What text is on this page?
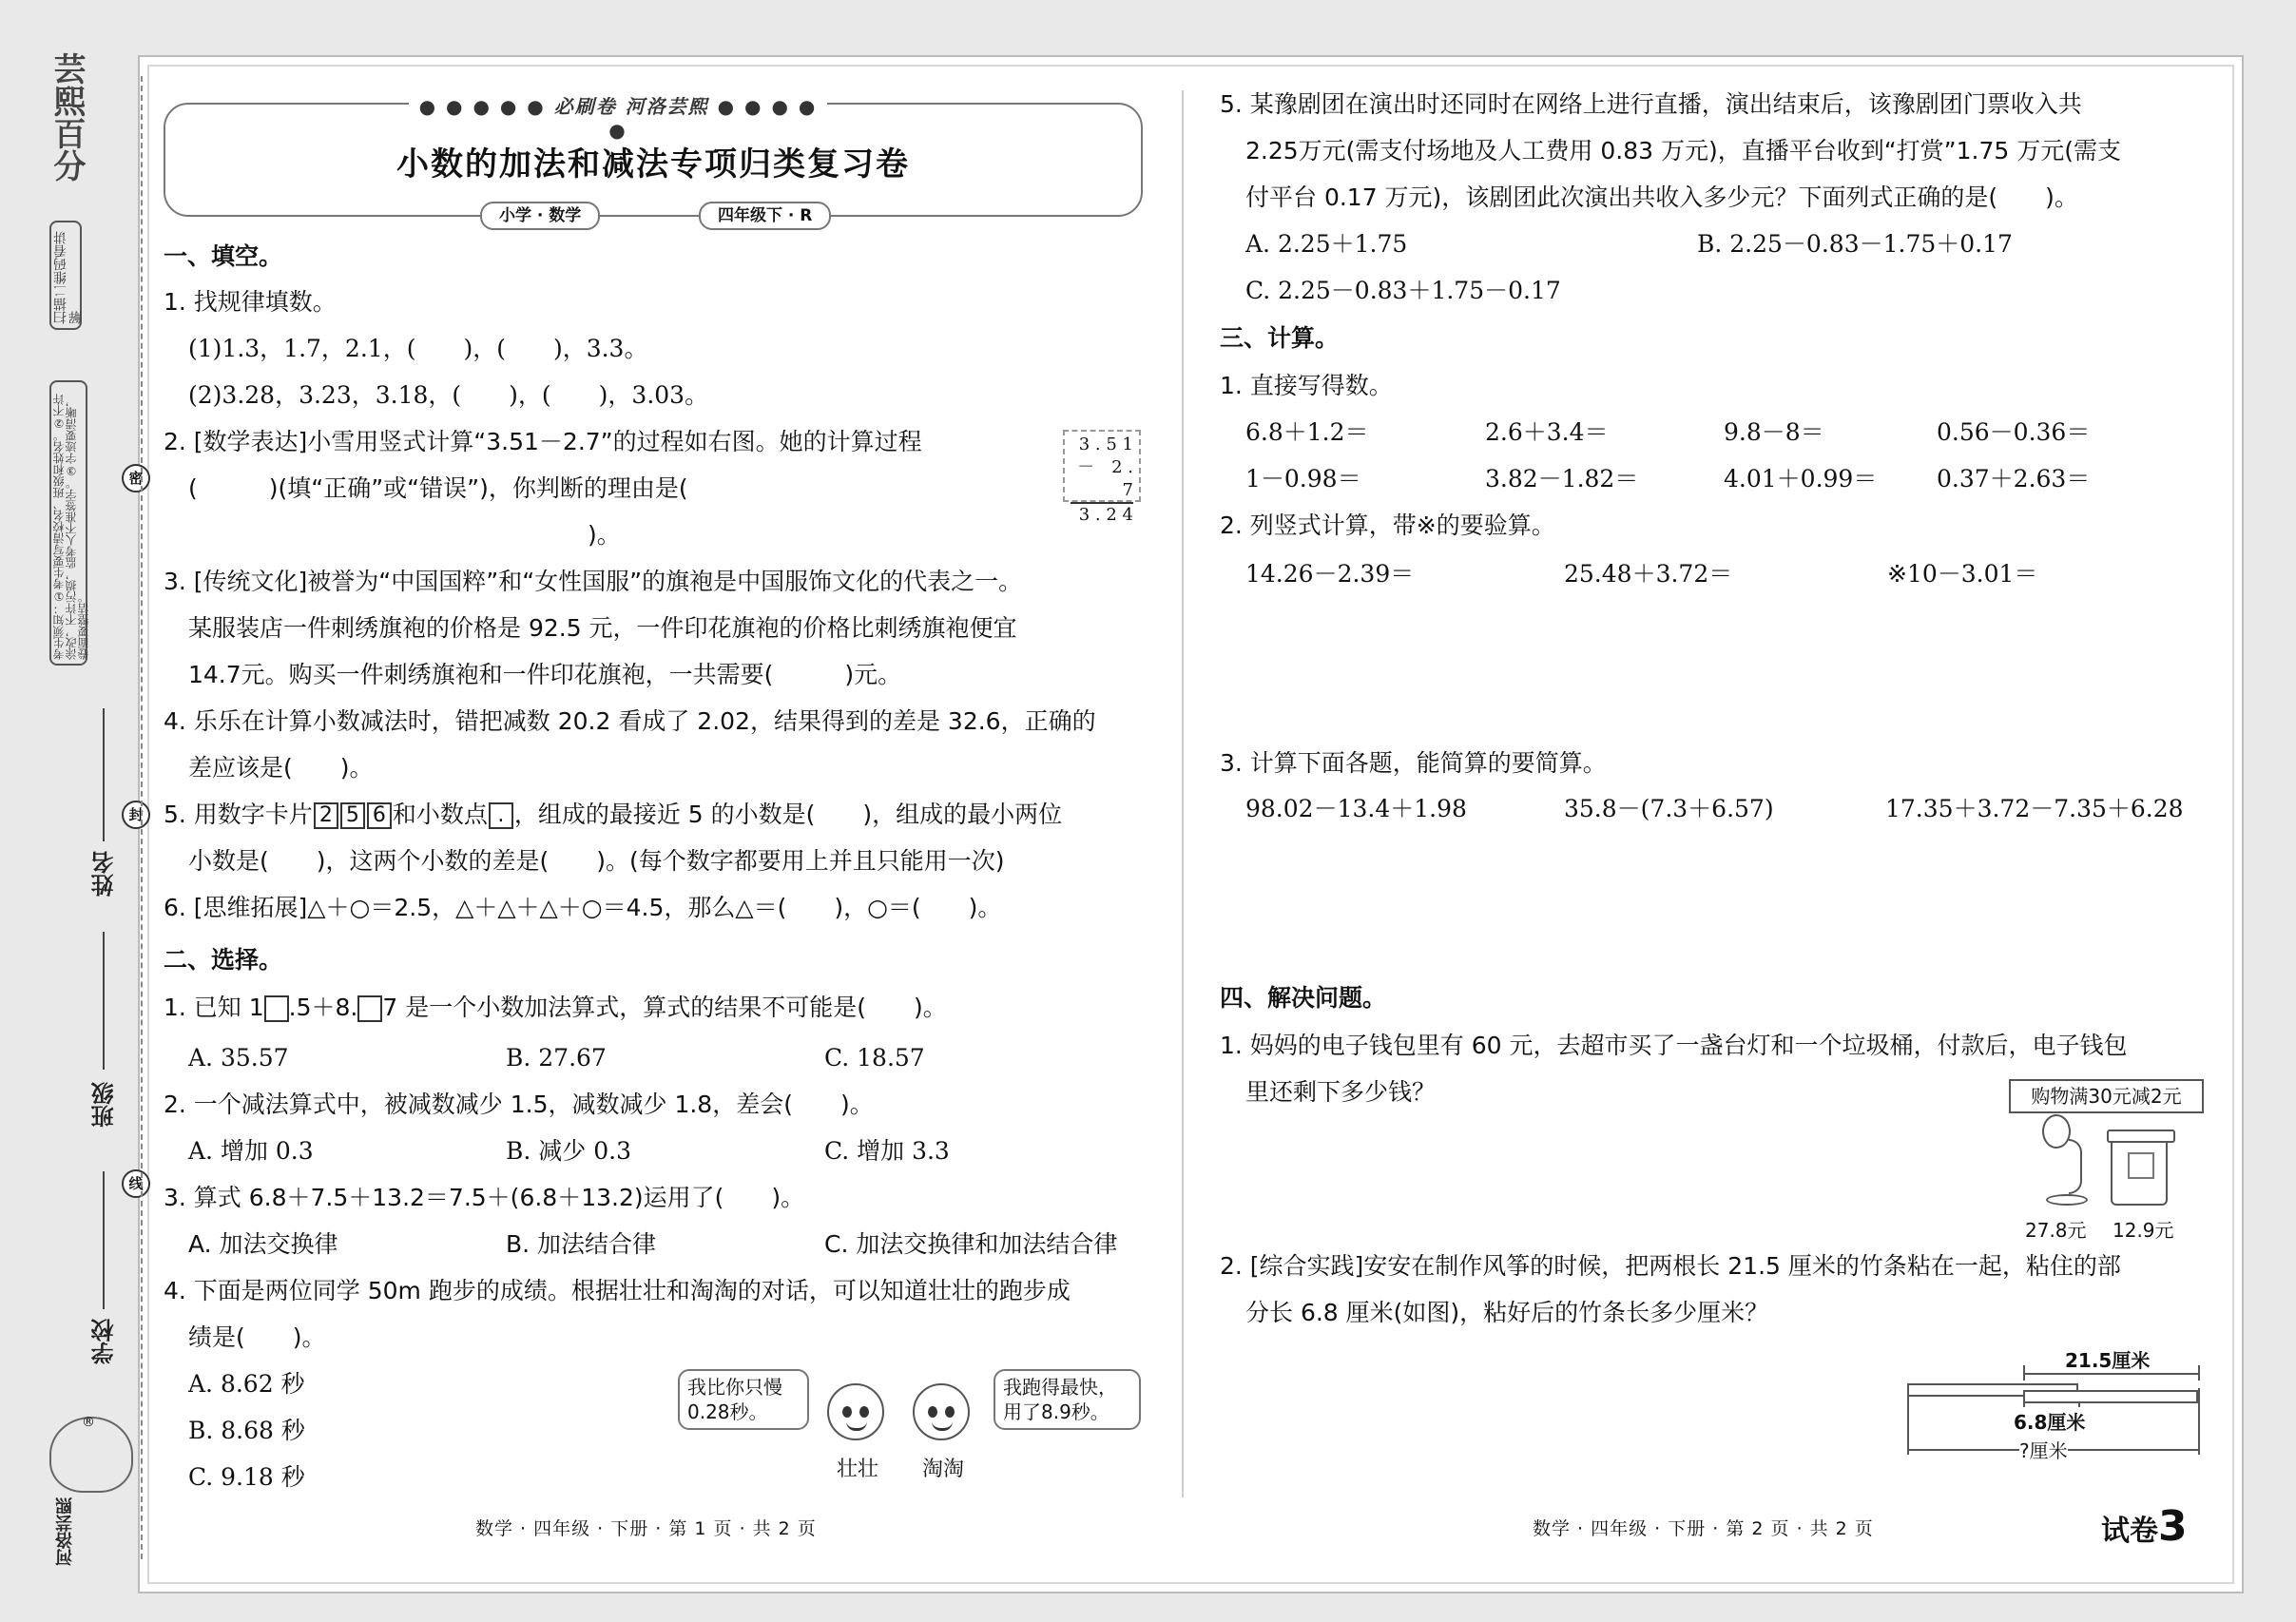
芸熙百分
扫描二维码看讲解
考生须知：①考生要写清校名、班级和姓名。②不许涂改，不许污损，监考人不准签字。③字迹要清晰，卷面要整洁。
密
封
线
姓名
班级
学校
®
河洛芸熙
● ● ● ● ● 必刷卷 河洛芸熙 ● ● ● ● ●
小数的加法和减法专项归类复习卷
小学 · 数学	四年级下 · R
一、填空。
1. 找规律填数。
(1)1.3，1.7，2.1，(　　)，(　　)，3.3。
(2)3.28，3.23，3.18，(　　)，(　　)，3.03。
2. [数学表达]小雪用竖式计算“3.51－2.7”的过程如右图。她的计算过程
(　　　)(填“正确”或“错误”)，你判断的理由是(
)。
3 . 5 1
－　2 . 7
3 . 2 4
3. [传统文化]被誉为“中国国粹”和“女性国服”的旗袍是中国服饰文化的代表之一。
某服装店一件刺绣旗袍的价格是 92.5 元，一件印花旗袍的价格比刺绣旗袍便宜
14.7元。购买一件刺绣旗袍和一件印花旗袍，一共需要(　　　)元。
4. 乐乐在计算小数减法时，错把减数 20.2 看成了 2.02，结果得到的差是 32.6，正确的
差应该是(　　)。
5. 用数字卡片 2 5 6 和小数点 . ，组成的最接近 5 的小数是(　　)，组成的最小两位
小数是(　　)，这两个小数的差是(　　)。(每个数字都要用上并且只能用一次)
6. [思维拓展]△＋○＝2.5，△＋△＋△＋○＝4.5，那么△＝(　　)，○＝(　　)。
二、选择。
1. 已知 1 .5＋8. 7 是一个小数加法算式，算式的结果不可能是(　　)。
A. 35.57	B. 27.67	C. 18.57
2. 一个减法算式中，被减数减少 1.5，减数减少 1.8，差会(　　)。
A. 增加 0.3	B. 减少 0.3	C. 增加 3.3
3. 算式 6.8＋7.5＋13.2＝7.5＋(6.8＋13.2)运用了(　　)。
A. 加法交换律	B. 加法结合律	C. 加法交换律和加法结合律
4. 下面是两位同学 50m 跑步的成绩。根据壮壮和淘淘的对话，可以知道壮壮的跑步成
绩是(　　)。
A. 8.62 秒
B. 8.68 秒
C. 9.18 秒
我比你只慢 0.28秒。
我跑得最快，用了8.9秒。
壮壮 淘淘
数学 · 四年级 · 下册 · 第 1 页 · 共 2 页
5. 某豫剧团在演出时还同时在网络上进行直播，演出结束后，该豫剧团门票收入共
2.25万元(需支付场地及人工费用 0.83 万元)，直播平台收到“打赏”1.75 万元(需支
付平台 0.17 万元)，该剧团此次演出共收入多少元？下面列式正确的是(　　)。
A. 2.25＋1.75	B. 2.25－0.83－1.75＋0.17
C. 2.25－0.83＋1.75－0.17
三、计算。
1. 直接写得数。
6.8＋1.2＝	2.6＋3.4＝	9.8－8＝	0.56－0.36＝
1－0.98＝	3.82－1.82＝	4.01＋0.99＝	0.37＋2.63＝
2. 列竖式计算，带※的要验算。
14.26－2.39＝	25.48＋3.72＝	※10－3.01＝
3. 计算下面各题，能简算的要简算。
98.02－13.4＋1.98	35.8－(7.3＋6.57)	17.35＋3.72－7.35＋6.28
四、解决问题。
1. 妈妈的电子钱包里有 60 元，去超市买了一盏台灯和一个垃圾桶，付款后，电子钱包
里还剩下多少钱？	购物满30元减2元
27.8元 12.9元
2. [综合实践]安安在制作风筝的时候，把两根长 21.5 厘米的竹条粘在一起，粘住的部
分长 6.8 厘米(如图)，粘好后的竹条长多少厘米？
21.5厘米
6.8厘米
?厘米
数学 · 四年级 · 下册 · 第 2 页 · 共 2 页	试卷3
